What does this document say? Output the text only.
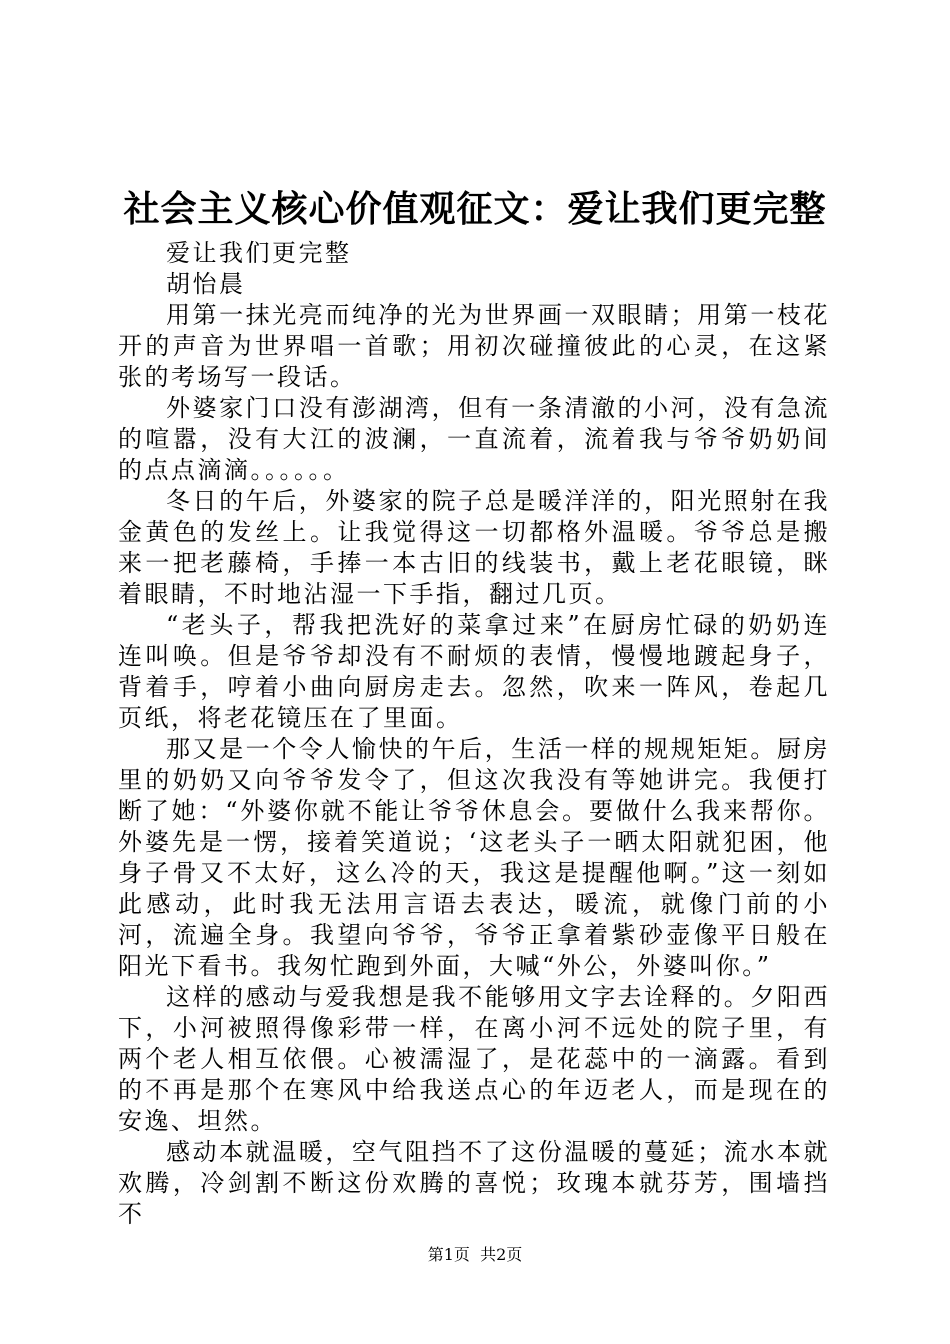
社会主义核心价值观征文：爱让我们更完整

爱让我们更完整

胡怡晨

用第一抹光亮而纯净的光为世界画一双眼睛；用第一枝花开的声音为世界唱一首歌；用初次碰撞彼此的心灵，在这紧张的考场写一段话。

外婆家门口没有澎湖湾，但有一条清澈的小河，没有急流的喧嚣，没有大江的波澜，一直流着，流着我与爷爷奶奶间的点点滴滴。。。。。。

冬日的午后，外婆家的院子总是暖洋洋的，阳光照射在我金黄色的发丝上。让我觉得这一切都格外温暖。爷爷总是搬来一把老藤椅，手捧一本古旧的线装书，戴上老花眼镜，眯着眼睛，不时地沾湿一下手指，翻过几页。

“老头子，帮我把洗好的菜拿过来”在厨房忙碌的奶奶连连叫唤。但是爷爷却没有不耐烦的表情，慢慢地踱起身子，背着手，哼着小曲向厨房走去。忽然，吹来一阵风，卷起几页纸，将老花镜压在了里面。

那又是一个令人愉快的午后，生活一样的规规矩矩。厨房里的奶奶又向爷爷发令了，但这次我没有等她讲完。我便打断了她：“外婆你就不能让爷爷休息会。要做什么我来帮你。外婆先是一愣，接着笑道说；‘这老头子一晒太阳就犯困，他身子骨又不太好，这么冷的天，我这是提醒他啊。”这一刻如此感动，此时我无法用言语去表达，暖流，就像门前的小河，流遍全身。我望向爷爷，爷爷正拿着紫砂壶像平日般在阳光下看书。我匆忙跑到外面，大喊“外公，外婆叫你。”

这样的感动与爱我想是我不能够用文字去诠释的。夕阳西下，小河被照得像彩带一样，在离小河不远处的院子里，有两个老人相互依偎。心被濡湿了，是花蕊中的一滴露。看到的不再是那个在寒风中给我送点心的年迈老人，而是现在的安逸、坦然。

感动本就温暖，空气阻挡不了这份温暖的蔓延；流水本就欢腾，冷剑割不断这份欢腾的喜悦；玫瑰本就芬芳，围墙挡不

第1页  共2页
